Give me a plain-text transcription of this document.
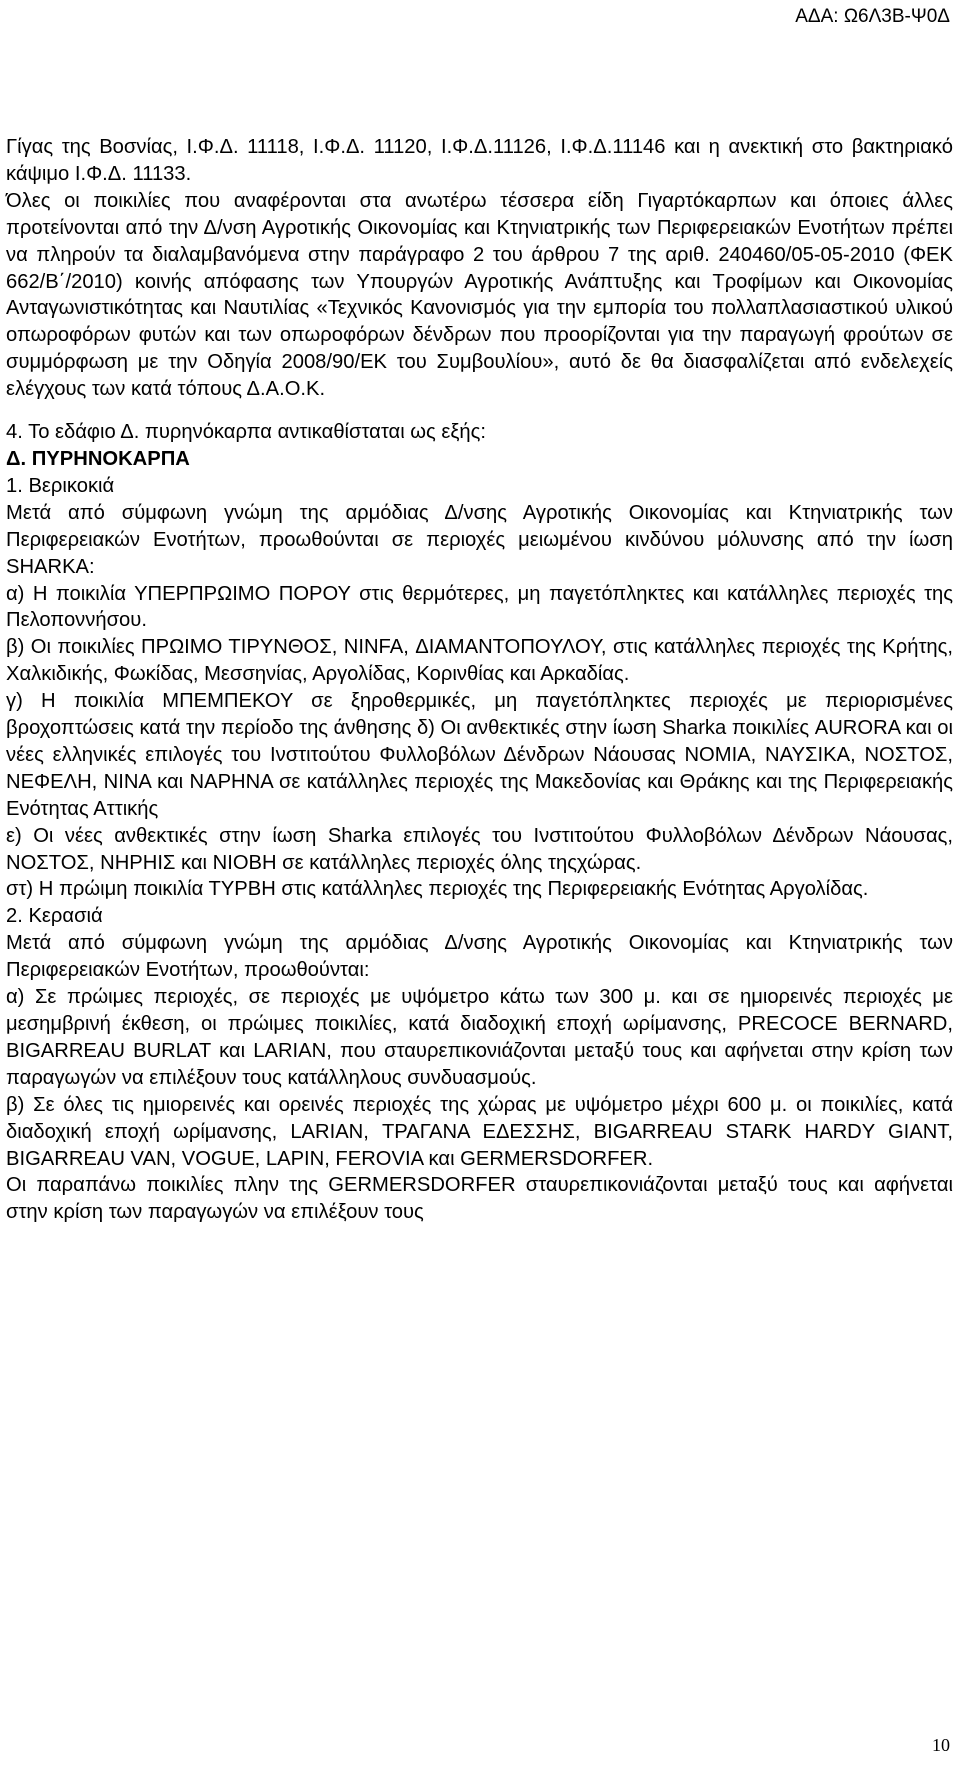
ΑΔΑ: Ω6Λ3Β-Ψ0Δ

Γίγας της Βοσνίας, Ι.Φ.Δ. 11118, Ι.Φ.Δ. 11120, Ι.Φ.Δ.11126, Ι.Φ.Δ.11146 και η ανεκτική στο βακτηριακό κάψιμο Ι.Φ.Δ. 11133.

Όλες οι ποικιλίες που αναφέρονται στα ανωτέρω τέσσερα είδη Γιγαρτόκαρπων και όποιες άλλες προτείνονται από την Δ/νση Αγροτικής Οικονομίας και Κτηνιατρικής των Περιφερειακών Ενοτήτων πρέπει να πληρούν τα διαλαμβανόμενα στην παράγραφο 2 του άρθρου 7 της αριθ. 240460/05-05-2010 (ΦΕΚ 662/Β΄/2010) κοινής απόφασης των Υπουργών Αγροτικής Ανάπτυξης και Τροφίμων και Οικονομίας Ανταγωνιστικότητας και Ναυτιλίας «Τεχνικός Κανονισμός για την εμπορία του πολλαπλασιαστικού υλικού οπωροφόρων φυτών και των οπωροφόρων δένδρων που προορίζονται για την παραγωγή φρούτων σε συμμόρφωση με την Οδηγία 2008/90/ΕΚ του Συμβουλίου», αυτό δε θα διασφαλίζεται από ενδελεχείς ελέγχους των κατά τόπους Δ.Α.Ο.Κ.

4. Το εδάφιο Δ. πυρηνόκαρπα αντικαθίσταται ως εξής:

Δ. ΠΥΡΗΝΟΚΑΡΠΑ

1. Βερικοκιά

Μετά από σύμφωνη γνώμη της αρμόδιας Δ/νσης Αγροτικής Οικονομίας και Κτηνιατρικής των Περιφερειακών Ενοτήτων, προωθούνται σε περιοχές μειωμένου κινδύνου μόλυνσης από την ίωση SHARKA:

α) Η ποικιλία ΥΠΕΡΠΡΩΙΜΟ ΠΟΡΟΥ στις θερμότερες, μη παγετόπληκτες και κατάλληλες περιοχές της Πελοποννήσου.

β) Οι ποικιλίες ΠΡΩΙΜΟ ΤΙΡΥΝΘΟΣ, NINFA, ΔΙΑΜΑΝΤΟΠΟΥΛΟΥ, στις κατάλληλες περιοχές της Κρήτης, Χαλκιδικής, Φωκίδας, Μεσσηνίας, Αργολίδας, Κορινθίας και Αρκαδίας.

γ) Η ποικιλία ΜΠΕΜΠΕΚΟΥ σε ξηροθερμικές, μη παγετόπληκτες περιοχές με περιορισμένες βροχοπτώσεις κατά την περίοδο της άνθησης δ) Οι ανθεκτικές στην ίωση Sharka ποικιλίες AURORA και οι νέες ελληνικές επιλογές του Ινστιτούτου Φυλλοβόλων Δένδρων Νάουσας ΝΟΜΙΑ, ΝΑΥΣΙΚΑ, ΝΟΣΤΟΣ, ΝΕΦΕΛΗ, ΝΙΝΑ και ΝΑΡΗΝΑ σε κατάλληλες περιοχές της Μακεδονίας και Θράκης και της Περιφερειακής Ενότητας Αττικής

ε) Οι νέες ανθεκτικές στην ίωση Sharka επιλογές του Ινστιτούτου Φυλλοβόλων Δένδρων Νάουσας, ΝΟΣΤΟΣ, ΝΗΡΗΙΣ και ΝΙΟΒΗ σε κατάλληλες περιοχές όλης τηςχώρας.

στ) Η πρώιμη ποικιλία ΤΥΡΒΗ στις κατάλληλες περιοχές της Περιφερειακής Ενότητας Αργολίδας.

2. Κερασιά

Μετά από σύμφωνη γνώμη της αρμόδιας Δ/νσης Αγροτικής Οικονομίας και Κτηνιατρικής των Περιφερειακών Ενοτήτων, προωθούνται:

α) Σε πρώιμες περιοχές, σε περιοχές με υψόμετρο κάτω των 300 μ. και σε ημιορεινές περιοχές με μεσημβρινή έκθεση, οι πρώιμες ποικιλίες, κατά διαδοχική εποχή ωρίμανσης, PRECOCE BERNARD, BIGARREAU BURLAT και LARIAN, που σταυρεπικονιάζονται μεταξύ τους και αφήνεται στην κρίση των παραγωγών να επιλέξουν τους κατάλληλους συνδυασμούς.

β) Σε όλες τις ημιορεινές και ορεινές περιοχές της χώρας με υψόμετρο μέχρι 600 μ. οι ποικιλίες, κατά διαδοχική εποχή ωρίμανσης, LARIAN, ΤΡΑΓΑΝΑ ΕΔΕΣΣΗΣ, BIGARREAU STARK HARDY GIANT, BIGARREAU VAN, VOGUE, LAPIN, FEROVIA και GERMERSDORFER.

Οι παραπάνω ποικιλίες πλην της GERMERSDORFER σταυρεπικονιάζονται μεταξύ τους και αφήνεται στην κρίση των παραγωγών να επιλέξουν τους

10
